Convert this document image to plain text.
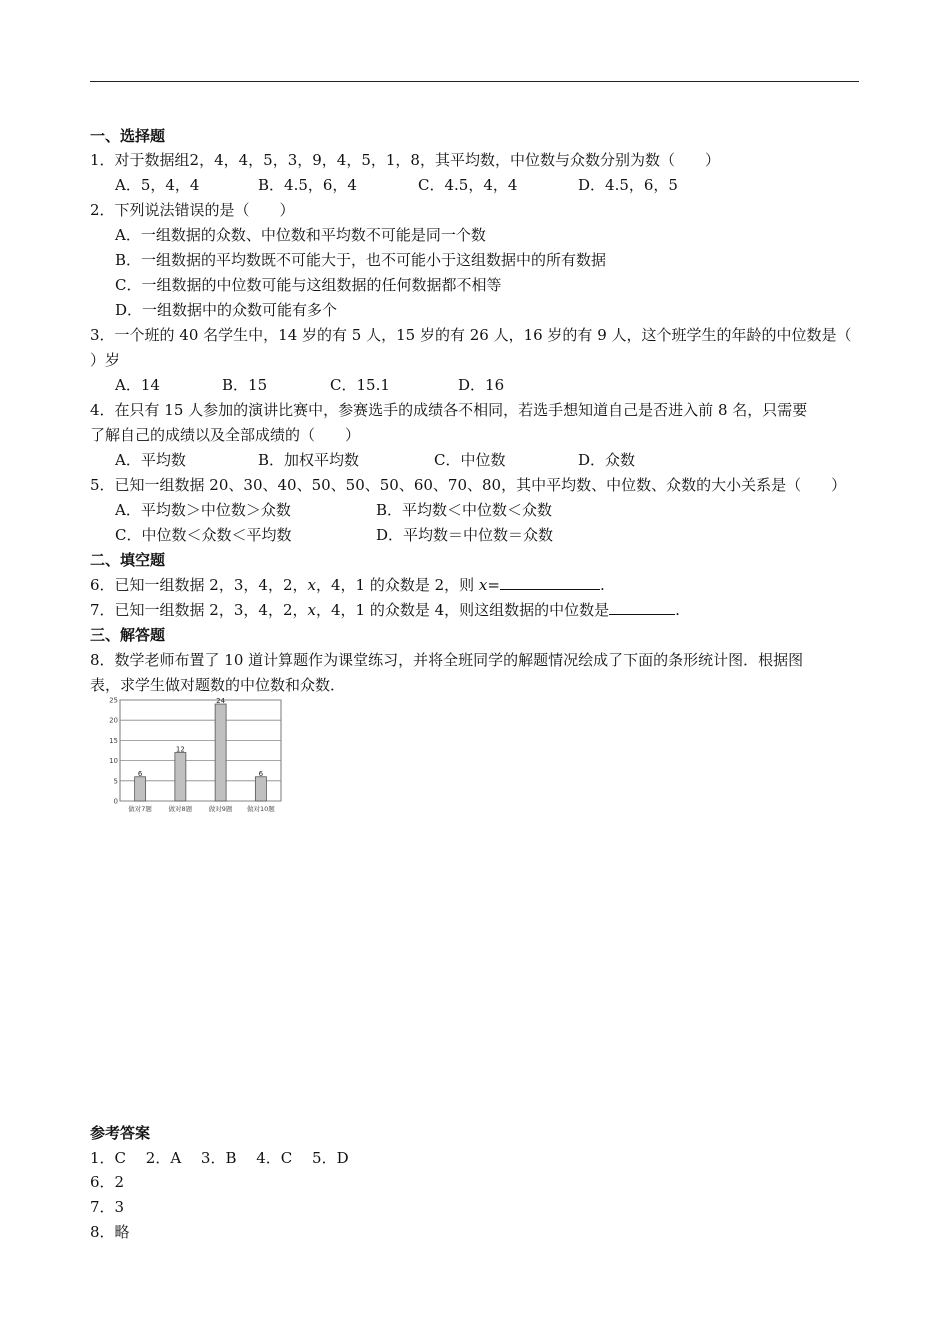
一、选择题
1．对于数据组2，4，4，5，3，9，4，5，1，8，其平均数，中位数与众数分别为数（　　）
A．5，4，4	B．4.5，6，4	C．4.5，4，4	D．4.5，6，5
2．下列说法错误的是（　　）
A．一组数据的众数、中位数和平均数不可能是同一个数
B．一组数据的平均数既不可能大于，也不可能小于这组数据中的所有数据
C．一组数据的中位数可能与这组数据的任何数据都不相等
D．一组数据中的众数可能有多个
3．一个班的 40 名学生中，14 岁的有 5 人，15 岁的有 26 人，16 岁的有 9 人，这个班学生的年龄的中位数是（
）岁
A．14	B．15	C．15.1	D．16
4．在只有 15 人参加的演讲比赛中，参赛选手的成绩各不相同，若选手想知道自己是否进入前 8 名，只需要
了解自己的成绩以及全部成绩的（　　）
A．平均数	B．加权平均数	C．中位数	D．众数
5．已知一组数据 20、30、40、50、50、50、60、70、80，其中平均数、中位数、众数的大小关系是（　　）
A．平均数＞中位数＞众数	B．平均数＜中位数＜众数
C．中位数＜众数＜平均数	D．平均数＝中位数＝众数
二、填空题
6．已知一组数据 2，3，4，2，x，4，1 的众数是 2，则 x=	.
7．已知一组数据 2，3，4，2，x，4，1 的众数是 4，则这组数据的中位数是	.
三、解答题
8．数学老师布置了 10 道计算题作为课堂练习，并将全班同学的解题情况绘成了下面的条形统计图．根据图
表，求学生做对题数的中位数和众数．
0
5
10
15
20
25
6
做对7题
12
做对8题
24
做对9题
6
做对10题
参考答案
1．C　 2．A　 3．B　 4．C　 5．D
6．2
7．3
8．略
